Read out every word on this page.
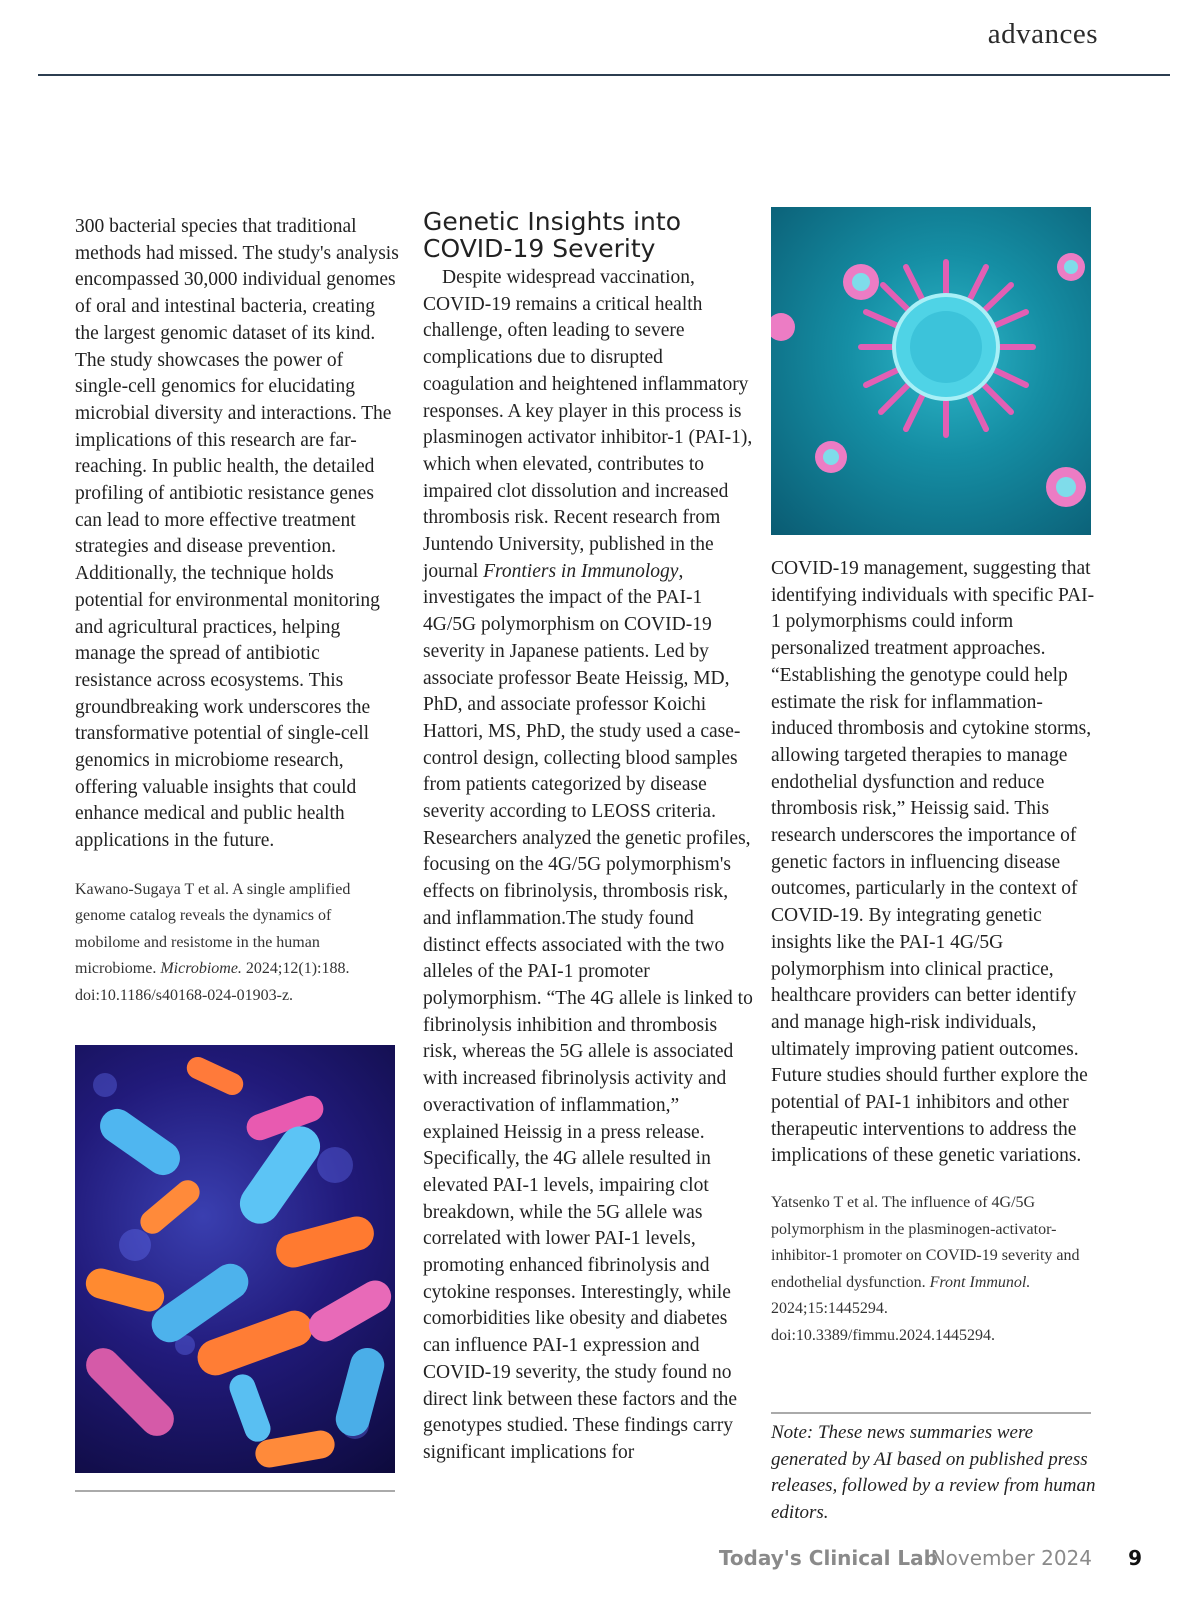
advances

300 bacterial species that traditional methods had missed. The study's analysis encompassed 30,000 individual genomes of oral and intestinal bacteria, creating the largest genomic dataset of its kind. The study showcases the power of single-cell genomics for elucidating microbial diversity and interactions. The implications of this research are far-reaching. In public health, the detailed profiling of antibiotic resistance genes can lead to more effective treatment strategies and disease prevention. Additionally, the technique holds potential for environmental monitoring and agricultural practices, helping manage the spread of antibiotic resistance across ecosystems. This groundbreaking work underscores the transformative potential of single-cell genomics in microbiome research, offering valuable insights that could enhance medical and public health applications in the future.

Kawano-Sugaya T et al. A single amplified genome catalog reveals the dynamics of mobilome and resistome in the human microbiome. Microbiome. 2024;12(1):188. doi:10.1186/s40168-024-01903-z.

Genetic Insights into COVID-19 Severity

Despite widespread vaccination, COVID-19 remains a critical health challenge, often leading to severe complications due to disrupted coagulation and heightened inflammatory responses. A key player in this process is plasminogen activator inhibitor-1 (PAI-1), which when elevated, contributes to impaired clot dissolution and increased thrombosis risk. Recent research from Juntendo University, published in the journal Frontiers in Immunology, investigates the impact of the PAI-1 4G/5G polymorphism on COVID-19 severity in Japanese patients. Led by associate professor Beate Heissig, MD, PhD, and associate professor Koichi Hattori, MS, PhD, the study used a case-control design, collecting blood samples from patients categorized by disease severity according to LEOSS criteria. Researchers analyzed the genetic profiles, focusing on the 4G/5G polymorphism's effects on fibrinolysis, thrombosis risk, and inflammation.The study found distinct effects associated with the two alleles of the PAI-1 promoter polymorphism. “The 4G allele is linked to fibrinolysis inhibition and thrombosis risk, whereas the 5G allele is associated with increased fibrinolysis activity and overactivation of inflammation,” explained Heissig in a press release. Specifically, the 4G allele resulted in elevated PAI-1 levels, impairing clot breakdown, while the 5G allele was correlated with lower PAI-1 levels, promoting enhanced fibrinolysis and cytokine responses. Interestingly, while comorbidities like obesity and diabetes can influence PAI-1 expression and COVID-19 severity, the study found no direct link between these factors and the genotypes studied. These findings carry significant implications for

COVID-19 management, suggesting that identifying individuals with specific PAI-1 polymorphisms could inform personalized treatment approaches. “Establishing the genotype could help estimate the risk for inflammation-induced thrombosis and cytokine storms, allowing targeted therapies to manage endothelial dysfunction and reduce thrombosis risk,” Heissig said. This research underscores the importance of genetic factors in influencing disease outcomes, particularly in the context of COVID-19. By integrating genetic insights like the PAI-1 4G/5G polymorphism into clinical practice, healthcare providers can better identify and manage high-risk individuals, ultimately improving patient outcomes. Future studies should further explore the potential of PAI-1 inhibitors and other therapeutic interventions to address the implications of these genetic variations.

Yatsenko T et al. The influence of 4G/5G polymorphism in the plasminogen-activator-inhibitor-1 promoter on COVID-19 severity and endothelial dysfunction. Front Immunol. 2024;15:1445294. doi:10.3389/fimmu.2024.1445294.

Note: These news summaries were generated by AI based on published press releases, followed by a review from human editors.

Today's Clinical Lab
November 2024 9
